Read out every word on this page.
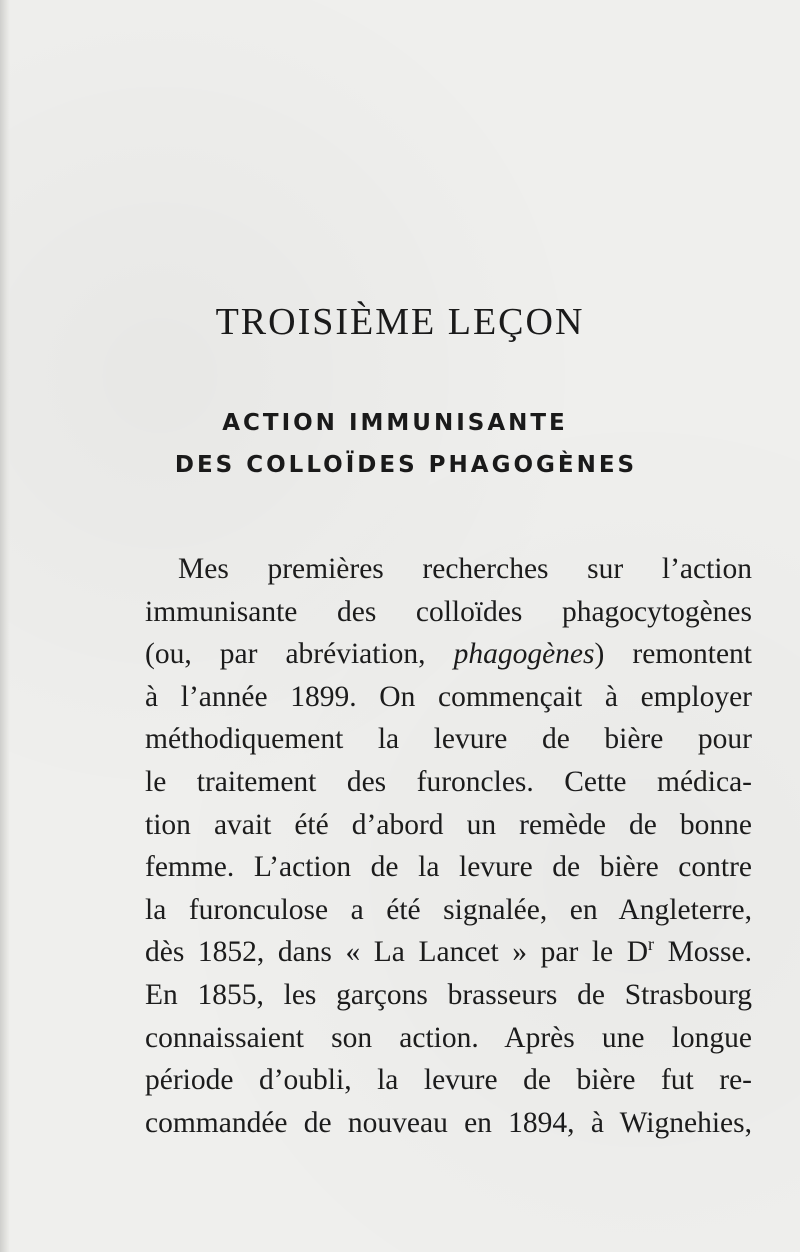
TROISIÈME LEÇON
ACTION IMMUNISANTE
DES COLLOÏDES PHAGOGÈNES
Mes premières recherches sur l’action
immunisante des colloïdes phagocytogènes
(ou, par abréviation, phagogènes) remontent
à l’année 1899. On commençait à employer
méthodiquement la levure de bière pour
le traitement des furoncles. Cette médica-
tion avait été d’abord un remède de bonne
femme. L’action de la levure de bière contre
la furonculose a été signalée, en Angleterre,
dès 1852, dans « La Lancet » par le $D^r$ Mosse.
En 1855, les garçons brasseurs de Strasbourg
connaissaient son action. Après une longue
période d’oubli, la levure de bière fut re-
commandée de nouveau en 1894, à Wignehies,
